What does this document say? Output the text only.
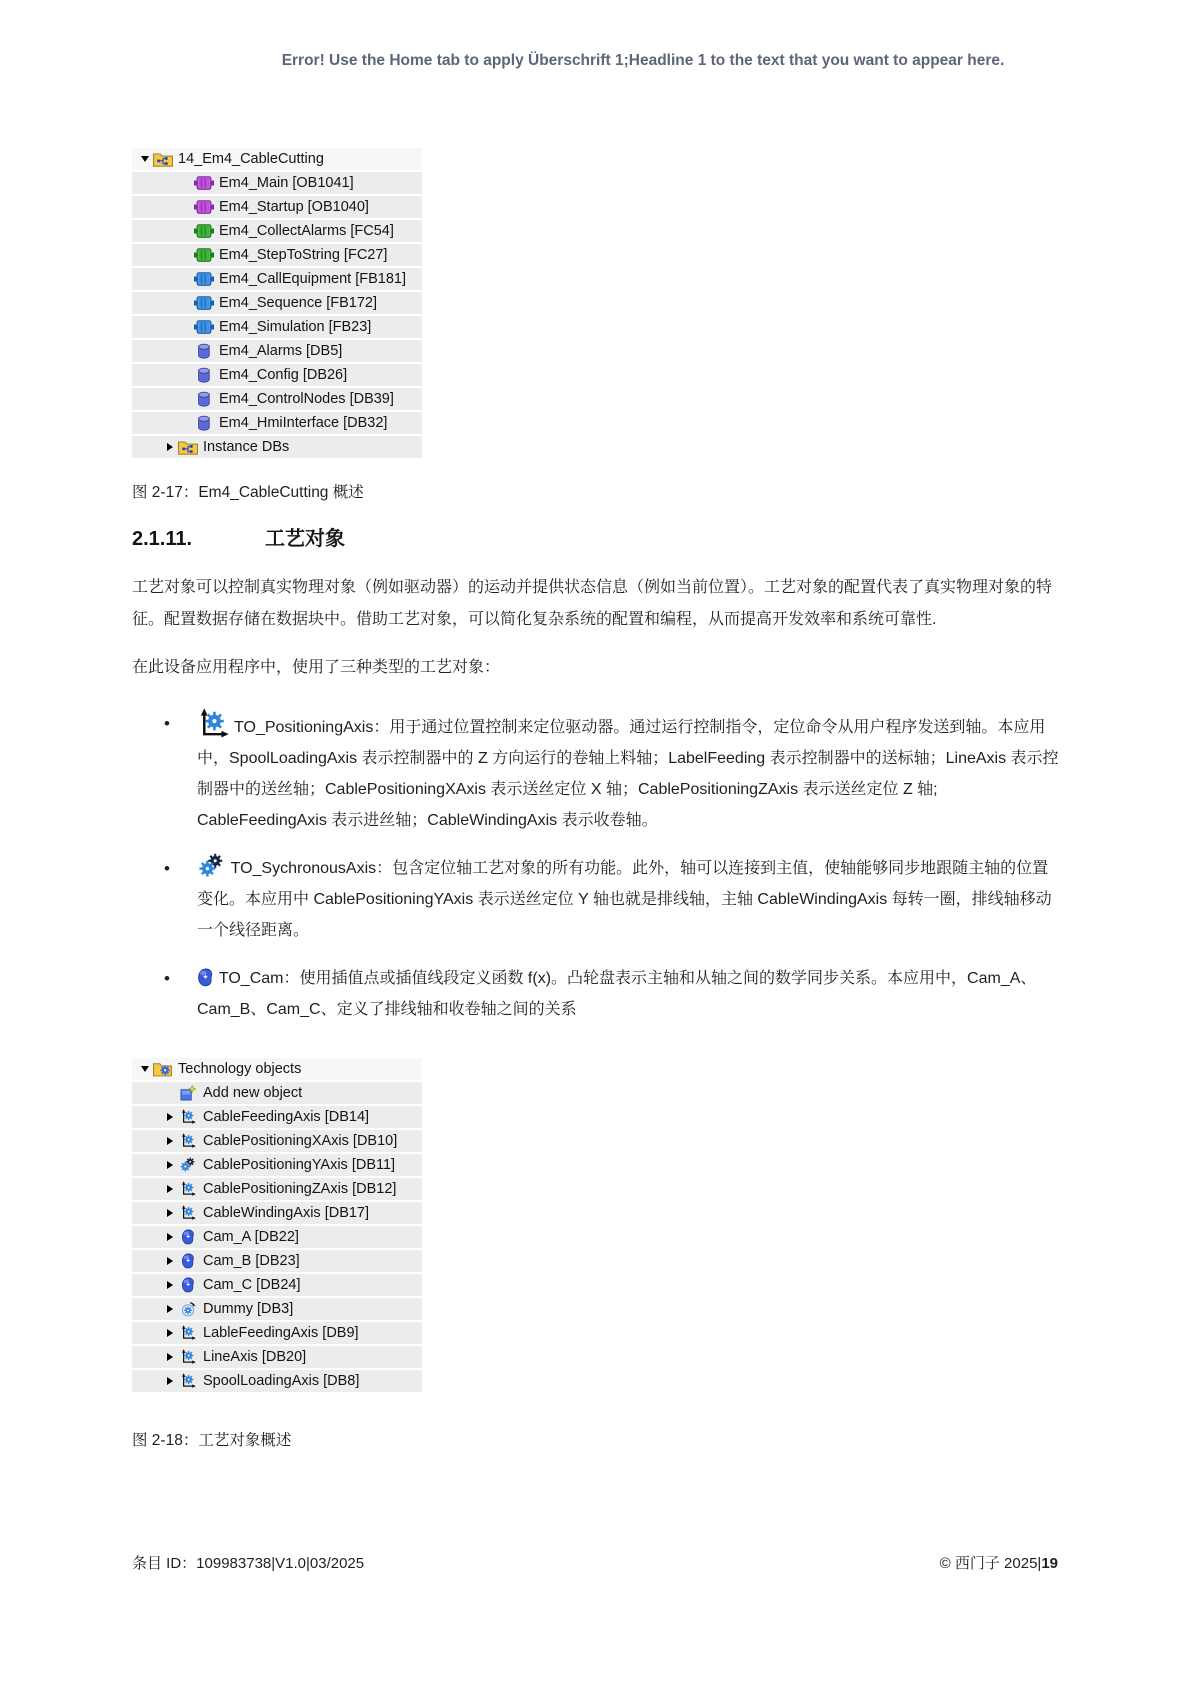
Error! Use the Home tab to apply Überschrift 1;Headline 1 to the text that you want to appear here.
14_Em4_CableCutting
Em4_Main [OB1041]
Em4_Startup [OB1040]
Em4_CollectAlarms [FC54]
Em4_StepToString [FC27]
Em4_CallEquipment [FB181]
Em4_Sequence [FB172]
Em4_Simulation [FB23]
Em4_Alarms [DB5]
Em4_Config [DB26]
Em4_ControlNodes [DB39]
Em4_HmiInterface [DB32]
Instance DBs
图 2-17：Em4_CableCutting 概述
2.1.11.	工艺对象

工艺对象可以控制真实物理对象（例如驱动器）的运动并提供状态信息（例如当前位置）。工艺对象的配置代表了真实物理对象的特征。配置数据存储在数据块中。借助工艺对象，可以简化复杂系统的配置和编程，从而提高开发效率和系统可靠性.

在此设备应用程序中，使用了三种类型的工艺对象：

• TO_PositioningAxis：用于通过位置控制来定位驱动器。通过运行控制指令，定位命令从用户程序发送到轴。本应用中，SpoolLoadingAxis 表示控制器中的 Z 方向运行的卷轴上料轴；LabelFeeding 表示控制器中的送标轴；LineAxis 表示控制器中的送丝轴；CablePositioningXAxis 表示送丝定位 X 轴；CablePositioningZAxis 表示送丝定位 Z 轴; CableFeedingAxis 表示进丝轴；CableWindingAxis 表示收卷轴。
• TO_SychronousAxis：包含定位轴工艺对象的所有功能。此外，轴可以连接到主值，使轴能够同步地跟随主轴的位置变化。本应用中 CablePositioningYAxis 表示送丝定位 Y 轴也就是排线轴，主轴 CableWindingAxis 每转一圈，排线轴移动一个线径距离。
• TO_Cam：使用插值点或插值线段定义函数 f(x)。凸轮盘表示主轴和从轴之间的数学同步关系。本应用中，Cam_A、Cam_B、Cam_C、定义了排线轴和收卷轴之间的关系
Technology objects
Add new object
CableFeedingAxis [DB14]
CablePositioningXAxis [DB10]
CablePositioningYAxis [DB11]
CablePositioningZAxis [DB12]
CableWindingAxis [DB17]
Cam_A [DB22]
Cam_B [DB23]
Cam_C [DB24]
Dummy [DB3]
LableFeedingAxis [DB9]
LineAxis [DB20]
SpoolLoadingAxis [DB8]
图 2-18：工艺对象概述
条目 ID：109983738|V1.0|03/2025	© 西门子 2025|19
